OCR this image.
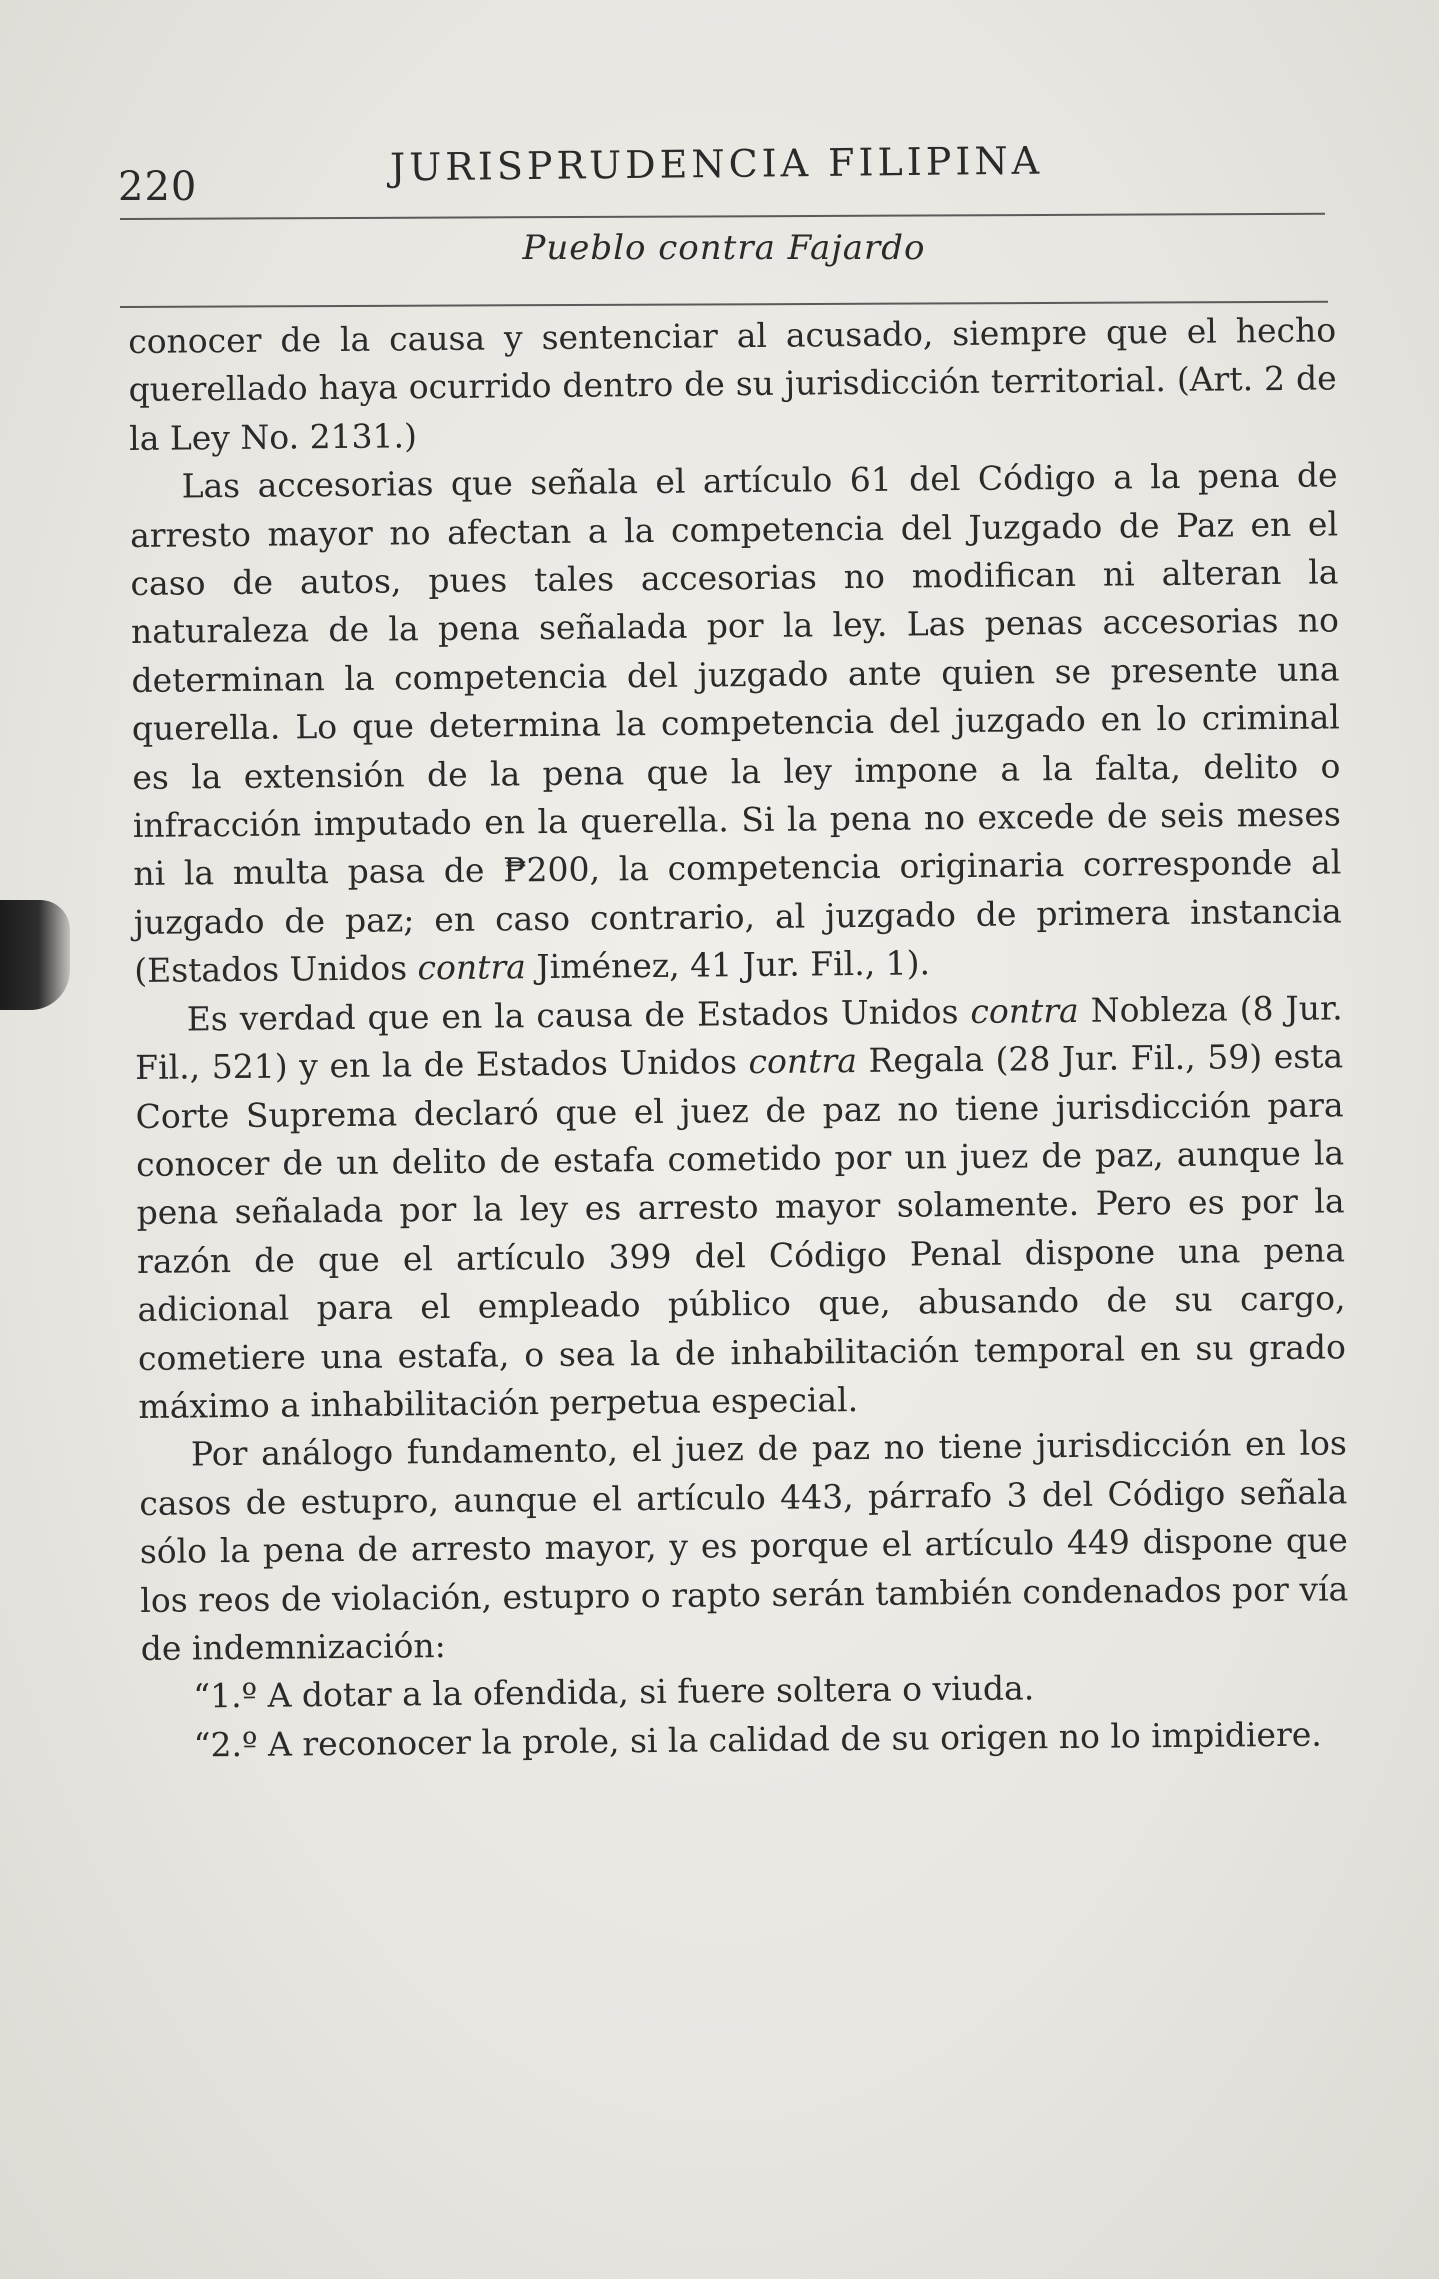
220	JURISPRUDENCIA FILIPINA
Pueblo contra Fajardo

conocer de la causa y sentenciar al acusado, siempre que el hecho querellado haya ocurrido dentro de su jurisdicción territorial. (Art. 2 de la Ley No. 2131.)

Las accesorias que señala el artículo 61 del Código a la pena de arresto mayor no afectan a la competencia del Juzgado de Paz en el caso de autos, pues tales accesorias no modifican ni alteran la naturaleza de la pena señalada por la ley. Las penas accesorias no determinan la competencia del juzgado ante quien se presente una querella. Lo que determina la competencia del juzgado en lo criminal es la extensión de la pena que la ley impone a la falta, delito o infracción imputado en la querella. Si la pena no excede de seis meses ni la multa pasa de ₱200, la competencia originaria corresponde al juzgado de paz; en caso contrario, al juzgado de primera instancia (Estados Unidos contra Jiménez, 41 Jur. Fil., 1).

Es verdad que en la causa de Estados Unidos contra Nobleza (8 Jur. Fil., 521) y en la de Estados Unidos contra Regala (28 Jur. Fil., 59) esta Corte Suprema declaró que el juez de paz no tiene jurisdicción para conocer de un delito de estafa cometido por un juez de paz, aunque la pena señalada por la ley es arresto mayor solamente. Pero es por la razón de que el artículo 399 del Código Penal dispone una pena adicional para el empleado público que, abusando de su cargo, cometiere una estafa, o sea la de inhabilitación temporal en su grado máximo a inhabilitación perpetua especial.

Por análogo fundamento, el juez de paz no tiene jurisdicción en los casos de estupro, aunque el artículo 443, párrafo 3 del Código señala sólo la pena de arresto mayor, y es porque el artículo 449 dispone que los reos de violación, estupro o rapto serán también condenados por vía de indemnización:

“1.º A dotar a la ofendida, si fuere soltera o viuda.

“2.º A reconocer la prole, si la calidad de su origen no lo impidiere.
